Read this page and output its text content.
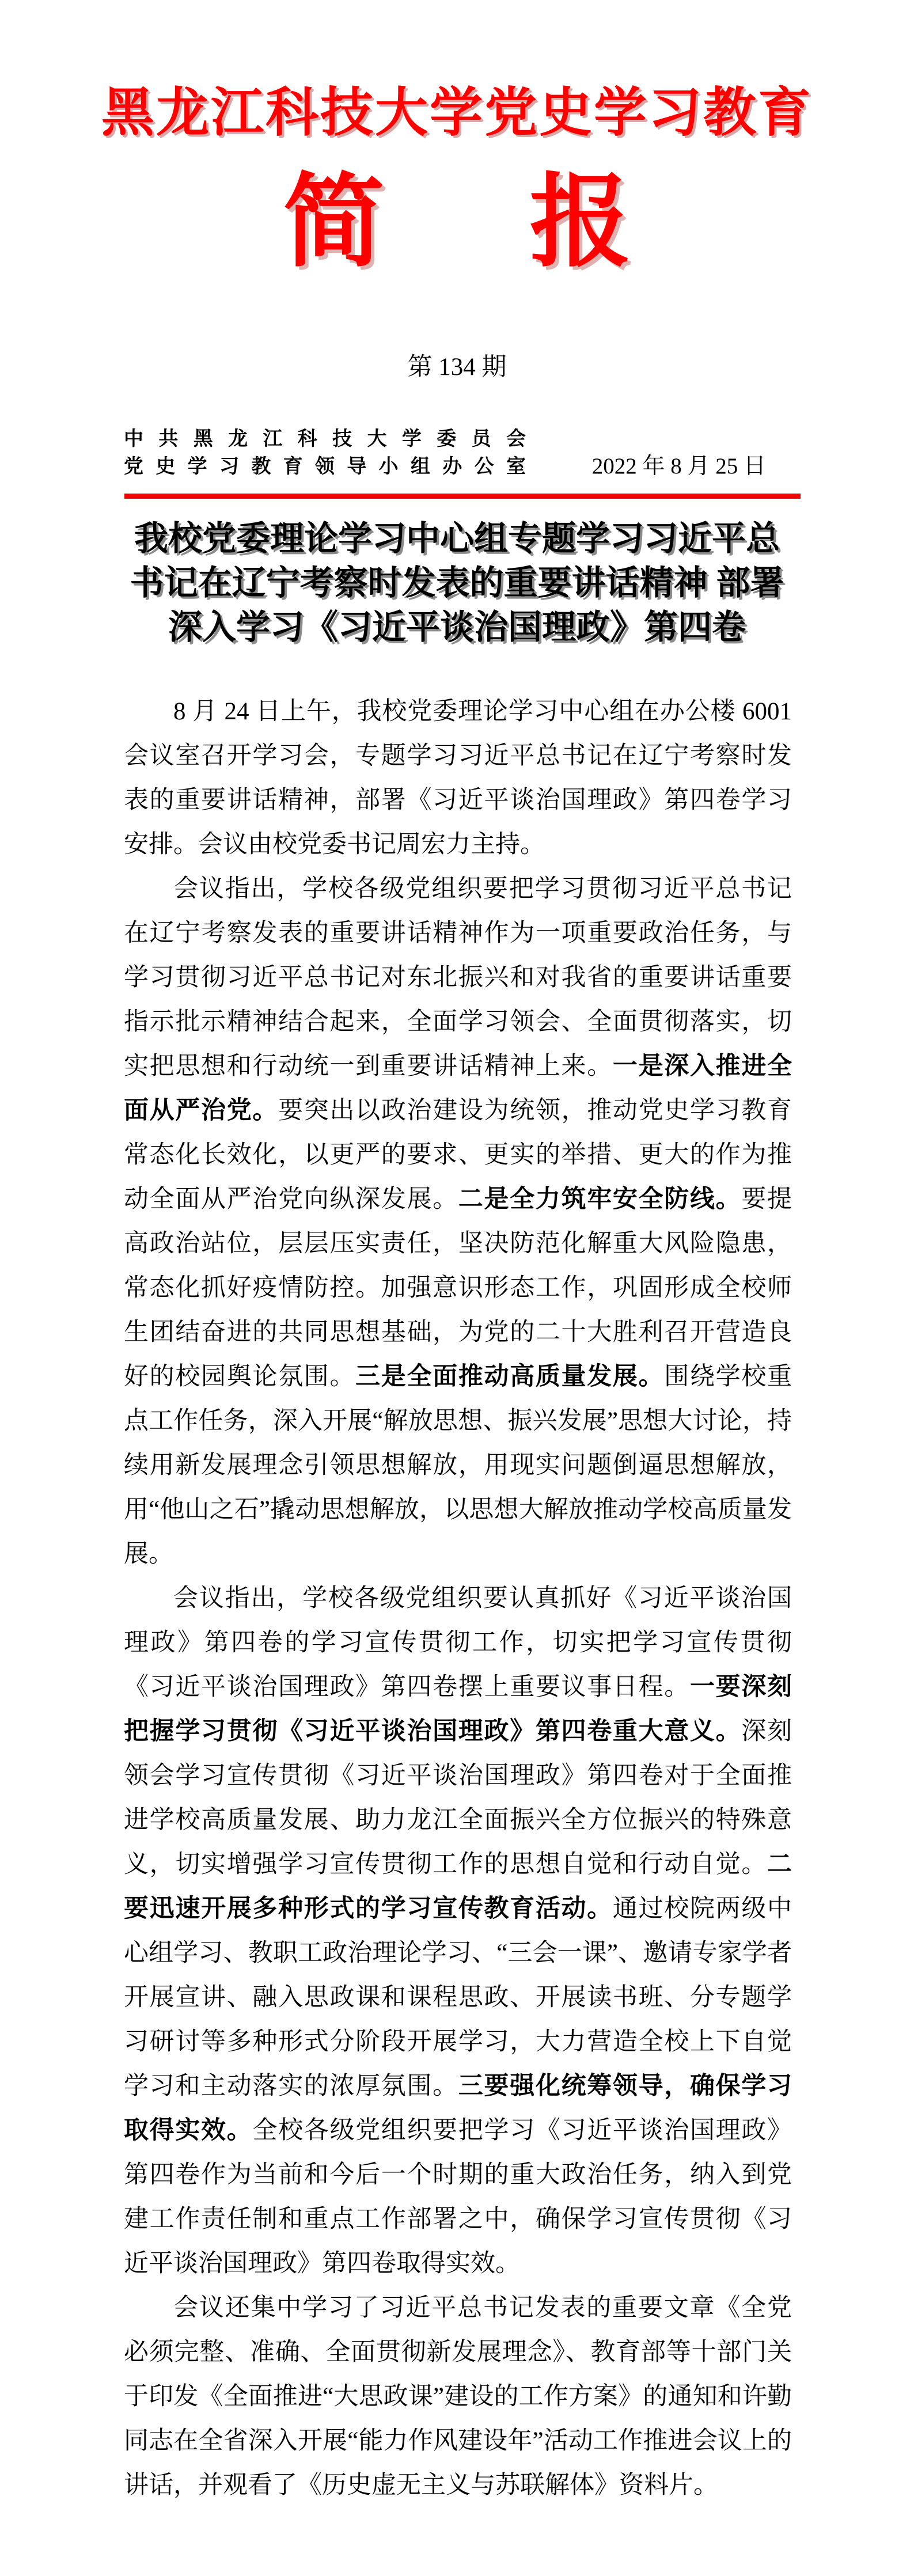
黑龙江科技大学党史学习教育
简 报
第 134 期
中 共 黑 龙 江 科 技 大 学 委 员 会
党 史 学 习 教 育 领 导 小 组 办 公 室	2022 年 8 月 25 日
我校党委理论学习中心组专题学习习近平总
书记在辽宁考察时发表的重要讲话精神 部署
深入学习《习近平谈治国理政》第四卷

8 月 24 日上午，我校党委理论学习中心组在办公楼 6001 会议室召开学习会，专题学习习近平总书记在辽宁考察时发表的重要讲话精神，部署《习近平谈治国理政》第四卷学习安排。会议由校党委书记周宏力主持。

会议指出，学校各级党组织要把学习贯彻习近平总书记在辽宁考察发表的重要讲话精神作为一项重要政治任务，与学习贯彻习近平总书记对东北振兴和对我省的重要讲话重要指示批示精神结合起来，全面学习领会、全面贯彻落实，切实把思想和行动统一到重要讲话精神上来。一是深入推进全面从严治党。要突出以政治建设为统领，推动党史学习教育常态化长效化，以更严的要求、更实的举措、更大的作为推动全面从严治党向纵深发展。二是全力筑牢安全防线。要提高政治站位，层层压实责任，坚决防范化解重大风险隐患，常态化抓好疫情防控。加强意识形态工作，巩固形成全校师生团结奋进的共同思想基础，为党的二十大胜利召开营造良好的校园舆论氛围。三是全面推动高质量发展。围绕学校重点工作任务，深入开展“解放思想、振兴发展”思想大讨论，持续用新发展理念引领思想解放，用现实问题倒逼思想解放，用“他山之石”撬动思想解放，以思想大解放推动学校高质量发展。

会议指出，学校各级党组织要认真抓好《习近平谈治国理政》第四卷的学习宣传贯彻工作，切实把学习宣传贯彻《习近平谈治国理政》第四卷摆上重要议事日程。一要深刻把握学习贯彻《习近平谈治国理政》第四卷重大意义。深刻领会学习宣传贯彻《习近平谈治国理政》第四卷对于全面推进学校高质量发展、助力龙江全面振兴全方位振兴的特殊意义，切实增强学习宣传贯彻工作的思想自觉和行动自觉。二要迅速开展多种形式的学习宣传教育活动。通过校院两级中心组学习、教职工政治理论学习、“三会一课”、邀请专家学者开展宣讲、融入思政课和课程思政、开展读书班、分专题学习研讨等多种形式分阶段开展学习，大力营造全校上下自觉学习和主动落实的浓厚氛围。三要强化统筹领导，确保学习取得实效。全校各级党组织要把学习《习近平谈治国理政》第四卷作为当前和今后一个时期的重大政治任务，纳入到党建工作责任制和重点工作部署之中，确保学习宣传贯彻《习近平谈治国理政》第四卷取得实效。

会议还集中学习了习近平总书记发表的重要文章《全党必须完整、准确、全面贯彻新发展理念》、教育部等十部门关于印发《全面推进“大思政课”建设的工作方案》的通知和许勤同志在全省深入开展“能力作风建设年”活动工作推进会议上的讲话，并观看了《历史虚无主义与苏联解体》资料片。
